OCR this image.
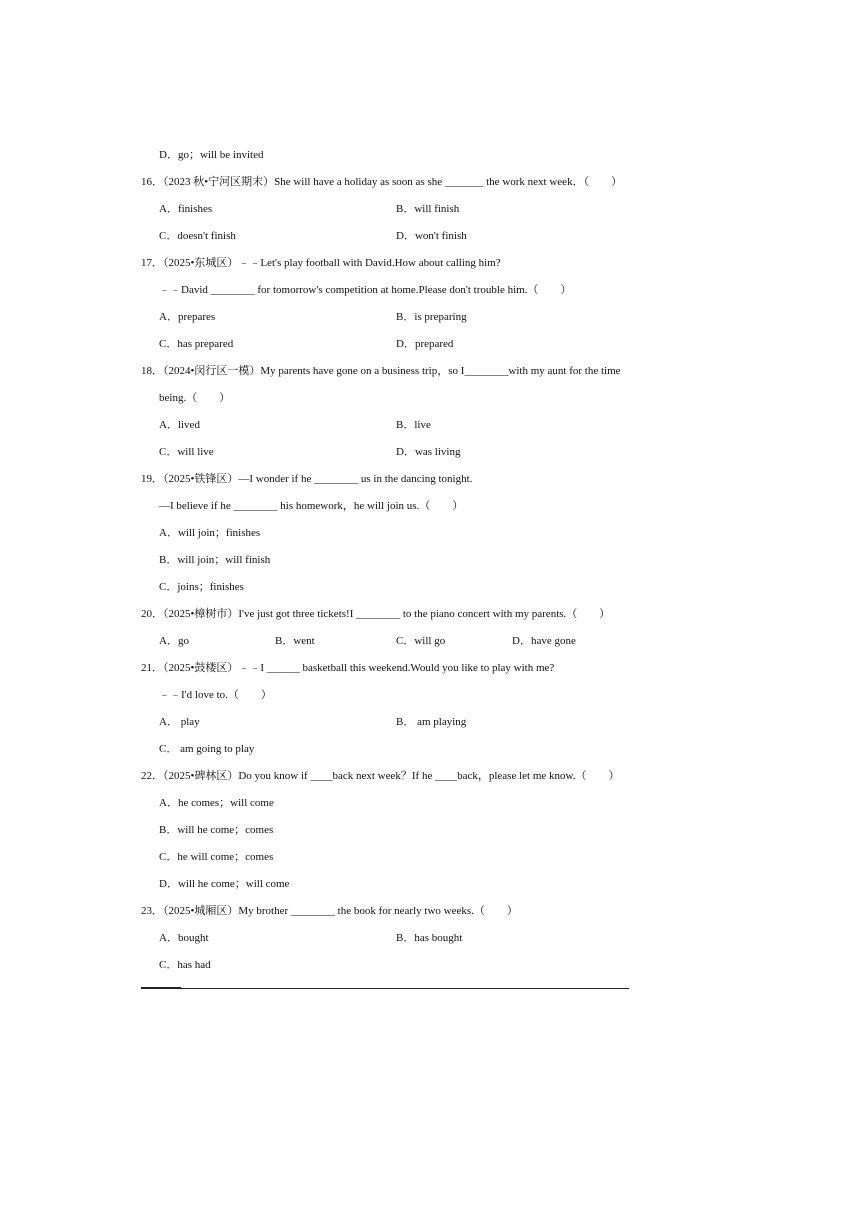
D．go；will be invited
16．（2023 秋•宁河区期末）She will have a holiday as soon as she _______ the work next week．（　　）
A．finishes	B．will finish
C．doesn't finish	D．won't finish
17．（2025•东城区）﹣﹣Let's play football with David.How about calling him?
﹣﹣David ________ for tomorrow's competition at home.Please don't trouble him.（　　）
A．prepares	B．is preparing
C．has prepared	D．prepared
18．（2024•闵行区一模）My parents have gone on a business trip，so I________with my aunt for the time
being.（　　）
A．lived	B．live
C．will live	D．was living
19．（2025•铁锋区）—I wonder if he ________ us in the dancing tonight.
—I believe if he ________ his homework，he will join us.（　　）
A．will join；finishes
B．will join；will finish
C．joins；finishes
20．（2025•樟树市）I've just got three tickets!I ________ to the piano concert with my parents.（　　）
A．go	B．went	C．will go	D．have gone
21．（2025•鼓楼区）﹣﹣I ______ basketball this weekend.Would you like to play with me?
﹣﹣I'd love to.（　　）
A． play	B． am playing
C． am going to play
22．（2025•碑林区）Do you know if ____back next week？If he ____back，please let me know.（　　）
A．he comes；will come
B．will he come；comes
C．he will come；comes
D．will he come；will come
23．（2025•城厢区）My brother ________ the book for nearly two weeks.（　　）
A．bought	B．has bought
C．has had
